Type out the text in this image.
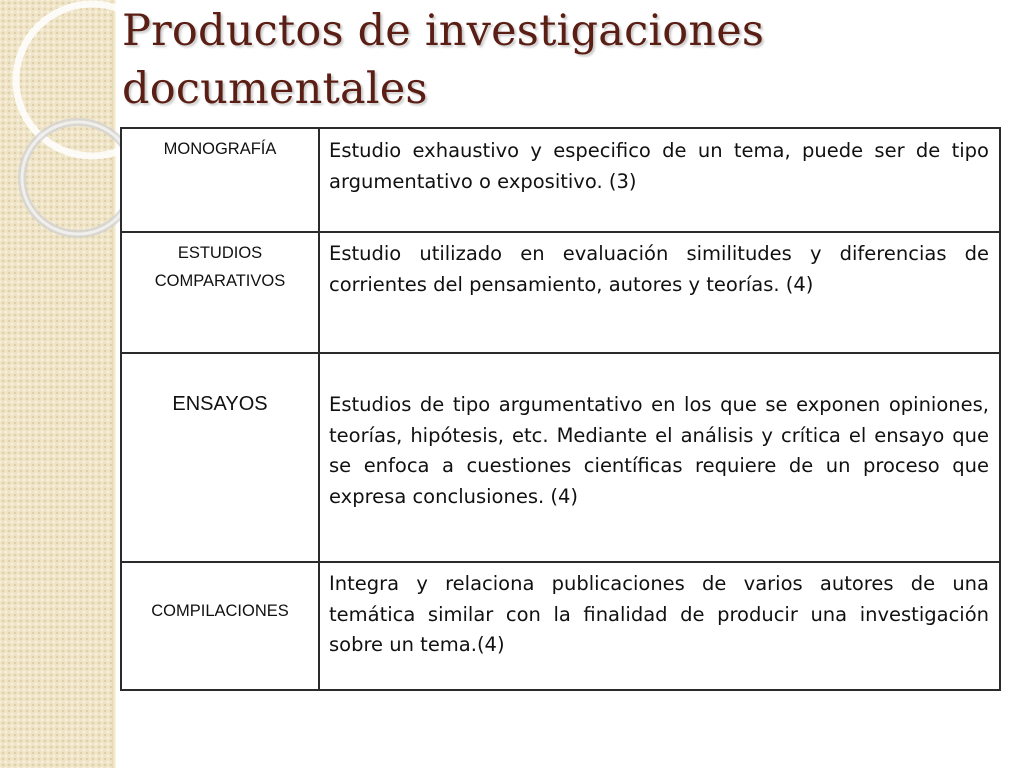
Productos de investigaciones
documentales
MONOGRAFÍA	Estudio exhaustivo y especifico de un tema, puede ser de tipo argumentativo o expositivo. (3)
ESTUDIOS
COMPARATIVOS	Estudio utilizado en evaluación similitudes y diferencias de corrientes del pensamiento, autores y teorías. (4)
ENSAYOS	Estudios de tipo argumentativo en los que se exponen opiniones, teorías, hipótesis, etc. Mediante el análisis y crítica el ensayo que se enfoca a cuestiones científicas requiere de un proceso que expresa conclusiones. (4)
COMPILACIONES	Integra y relaciona publicaciones de varios autores de una temática similar con la finalidad de producir una investigación sobre un tema.(4)
